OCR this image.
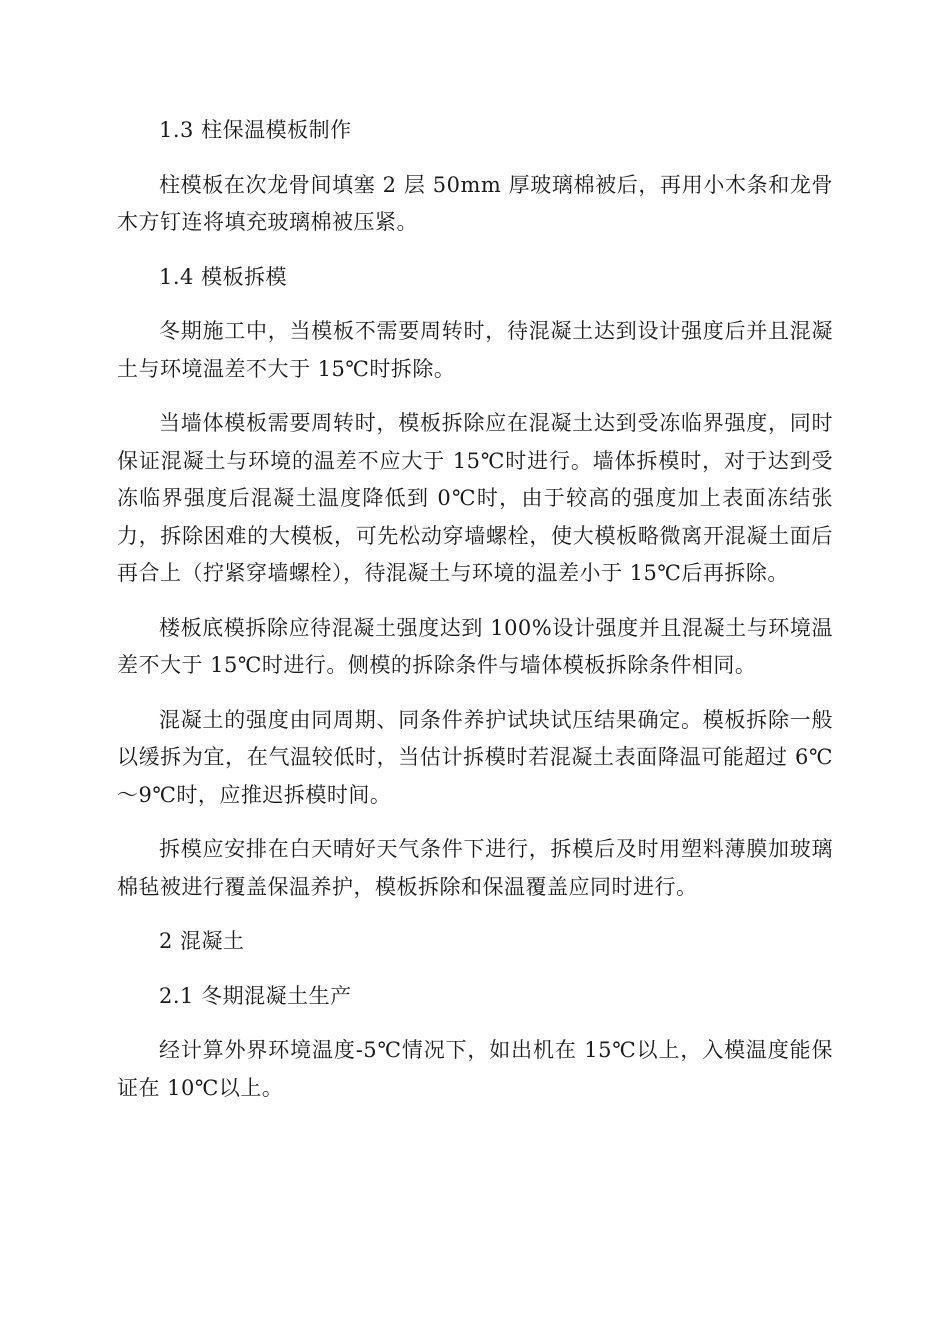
1.3 柱保温模板制作

柱模板在次龙骨间填塞 2 层 50mm 厚玻璃棉被后，再用小木条和龙骨木方钉连将填充玻璃棉被压紧。

1.4 模板拆模

冬期施工中，当模板不需要周转时，待混凝土达到设计强度后并且混凝土与环境温差不大于 15℃时拆除。

当墙体模板需要周转时，模板拆除应在混凝土达到受冻临界强度，同时保证混凝土与环境的温差不应大于 15℃时进行。墙体拆模时，对于达到受冻临界强度后混凝土温度降低到 0℃时，由于较高的强度加上表面冻结张力，拆除困难的大模板，可先松动穿墙螺栓，使大模板略微离开混凝土面后再合上（拧紧穿墙螺栓），待混凝土与环境的温差小于 15℃后再拆除。

楼板底模拆除应待混凝土强度达到 100%设计强度并且混凝土与环境温差不大于 15℃时进行。侧模的拆除条件与墙体模板拆除条件相同。

混凝土的强度由同周期、同条件养护试块试压结果确定。模板拆除一般以缓拆为宜，在气温较低时，当估计拆模时若混凝土表面降温可能超过 6℃～9℃时，应推迟拆模时间。

拆模应安排在白天晴好天气条件下进行，拆模后及时用塑料薄膜加玻璃棉毡被进行覆盖保温养护，模板拆除和保温覆盖应同时进行。

2 混凝土

2.1 冬期混凝土生产

经计算外界环境温度-5℃情况下，如出机在 15℃以上，入模温度能保证在 10℃以上。
